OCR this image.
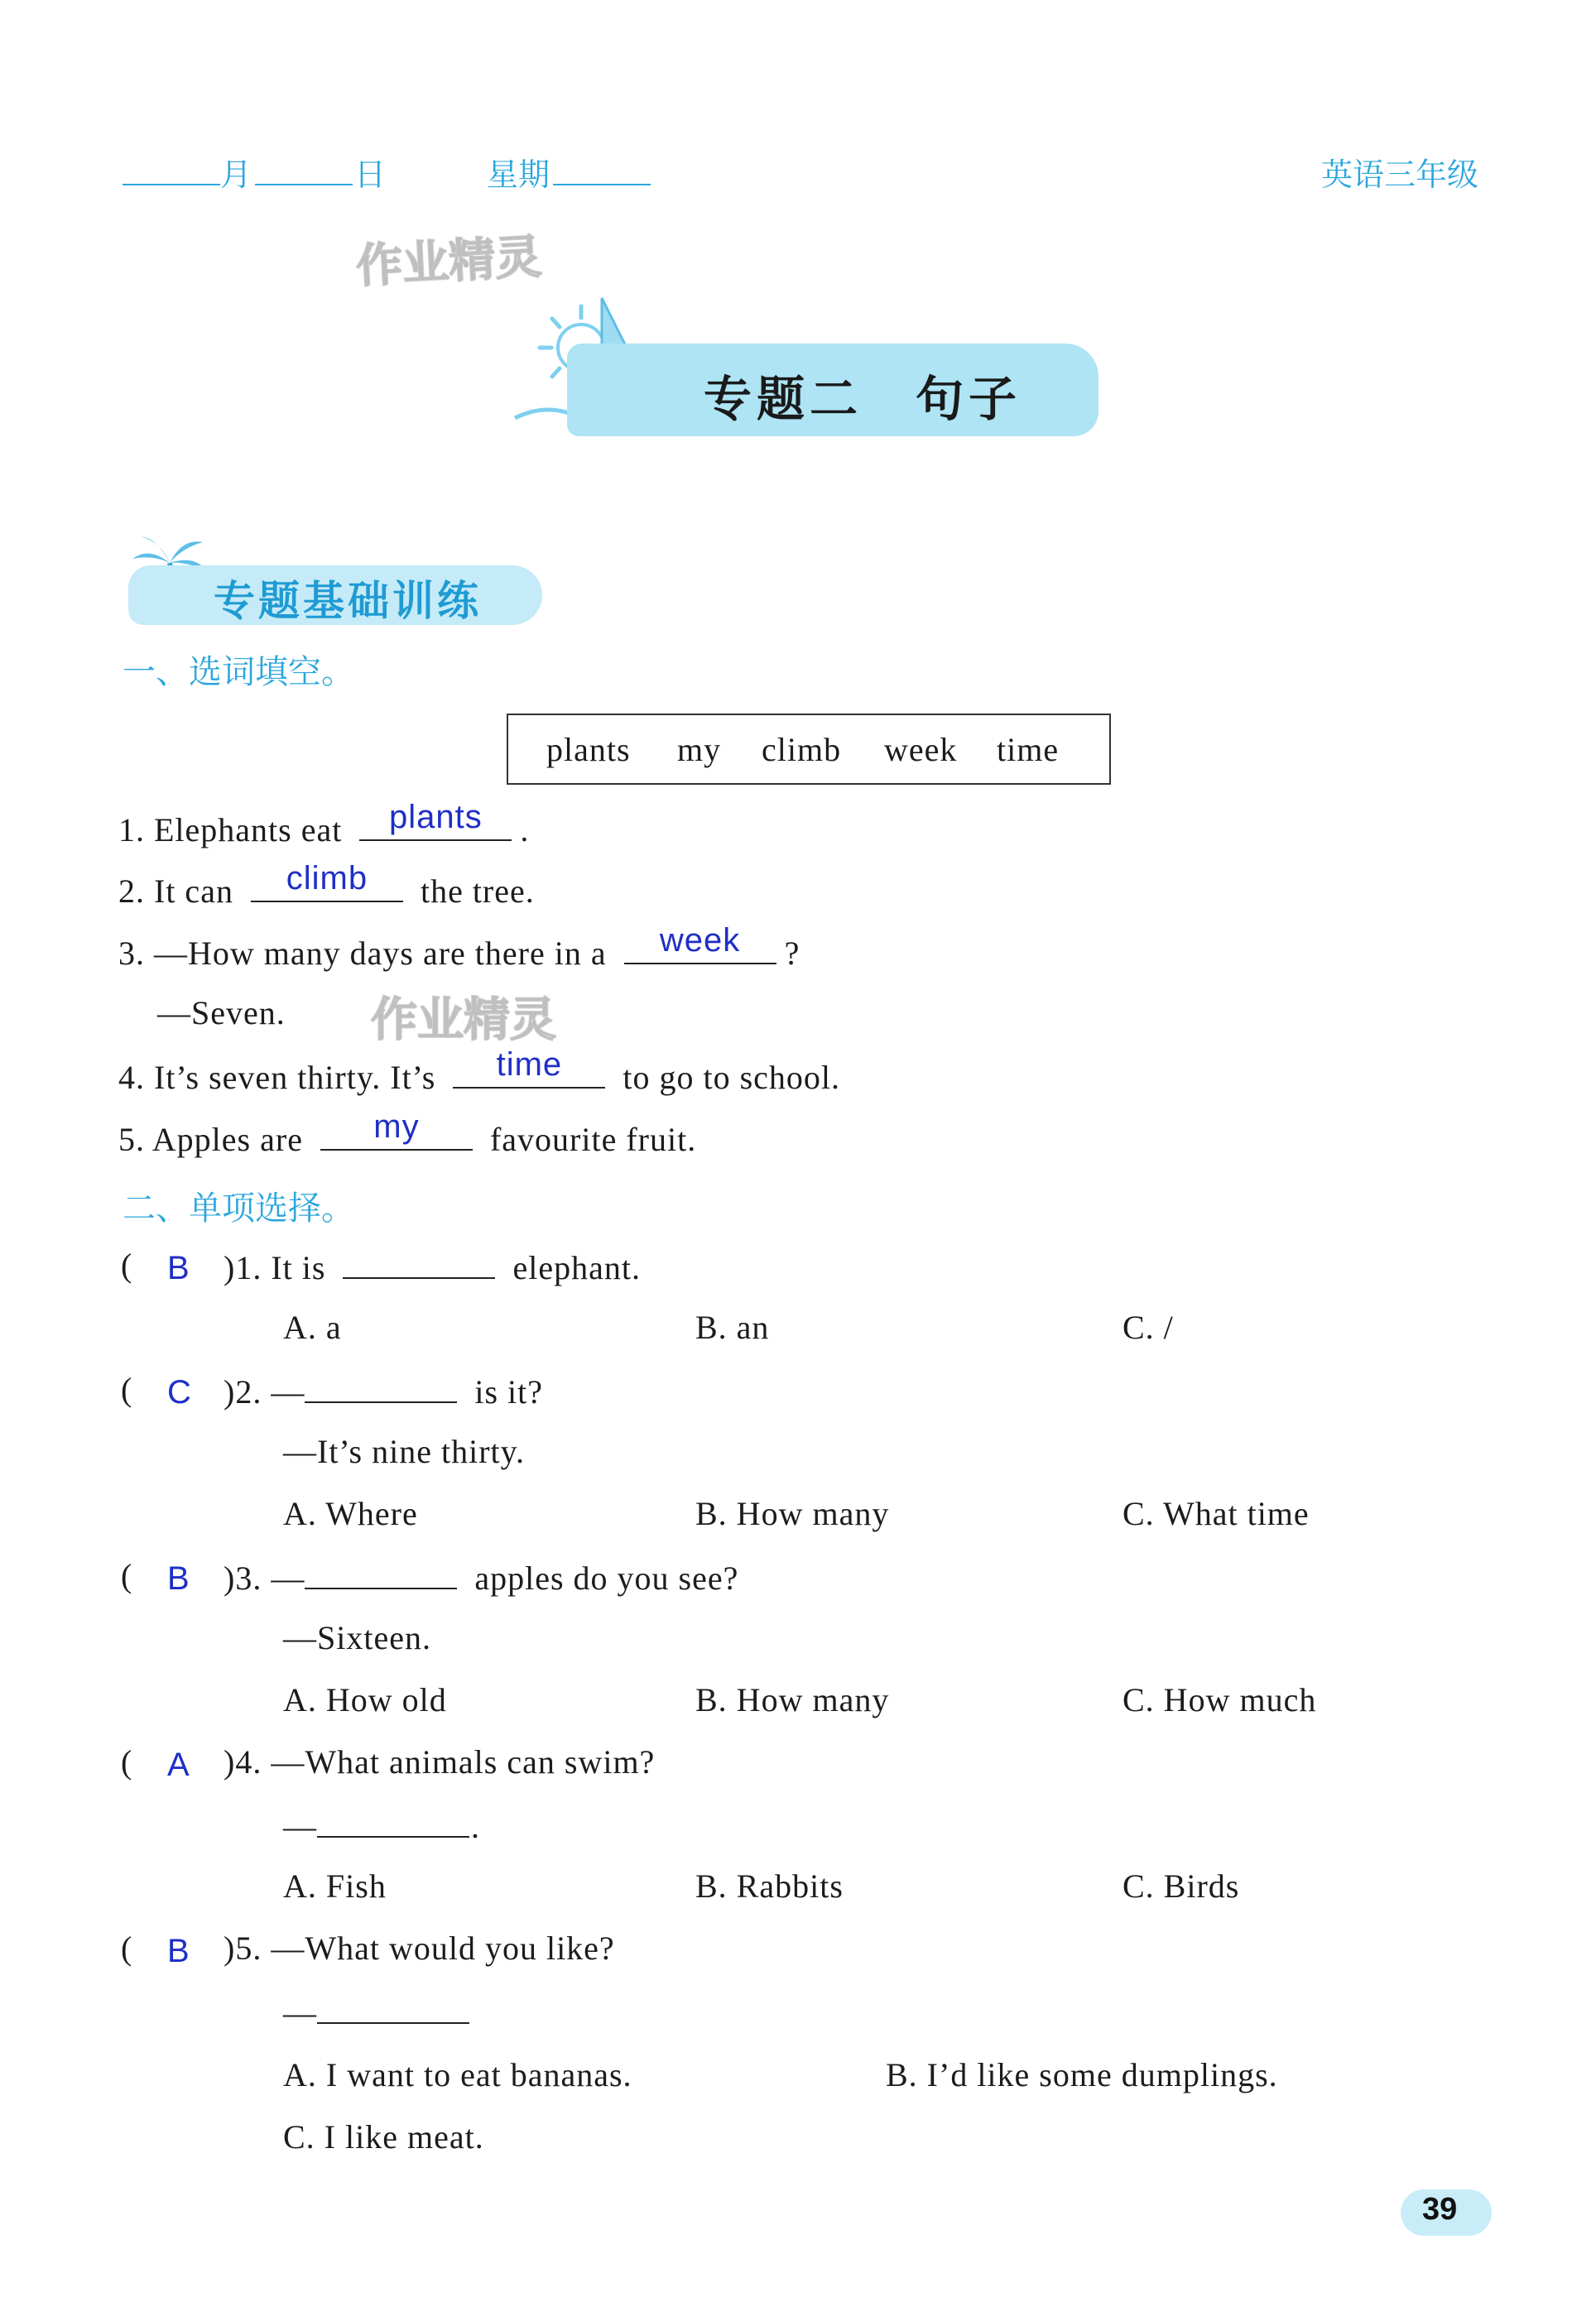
月	日	星期	英语三年级
作业精灵
专题二　句子
专题基础训练
一、选词填空。
plants my climb week time
1. Elephants eat	plants	.
2. It can	climb	the tree.
3. —How many days are there in a	week	?
—Seven. 作业精灵
4. It’s seven thirty. It’s	time	to go to school.
5. Apples are	my	favourite fruit.
二、单项选择。
( B )1. It is	elephant.
A. a	B. an	C. /
( C )2. —	is it?
—It’s nine thirty.
A. Where	B. How many	C. What time
( B )3. —	apples do you see?
—Sixteen.
A. How old	B. How many	C. How much
( A )4. —What animals can swim?
—	.
A. Fish	B. Rabbits	C. Birds
( B )5. —What would you like?
—
A. I want to eat bananas.	B. I’d like some dumplings.
C. I like meat.
39
